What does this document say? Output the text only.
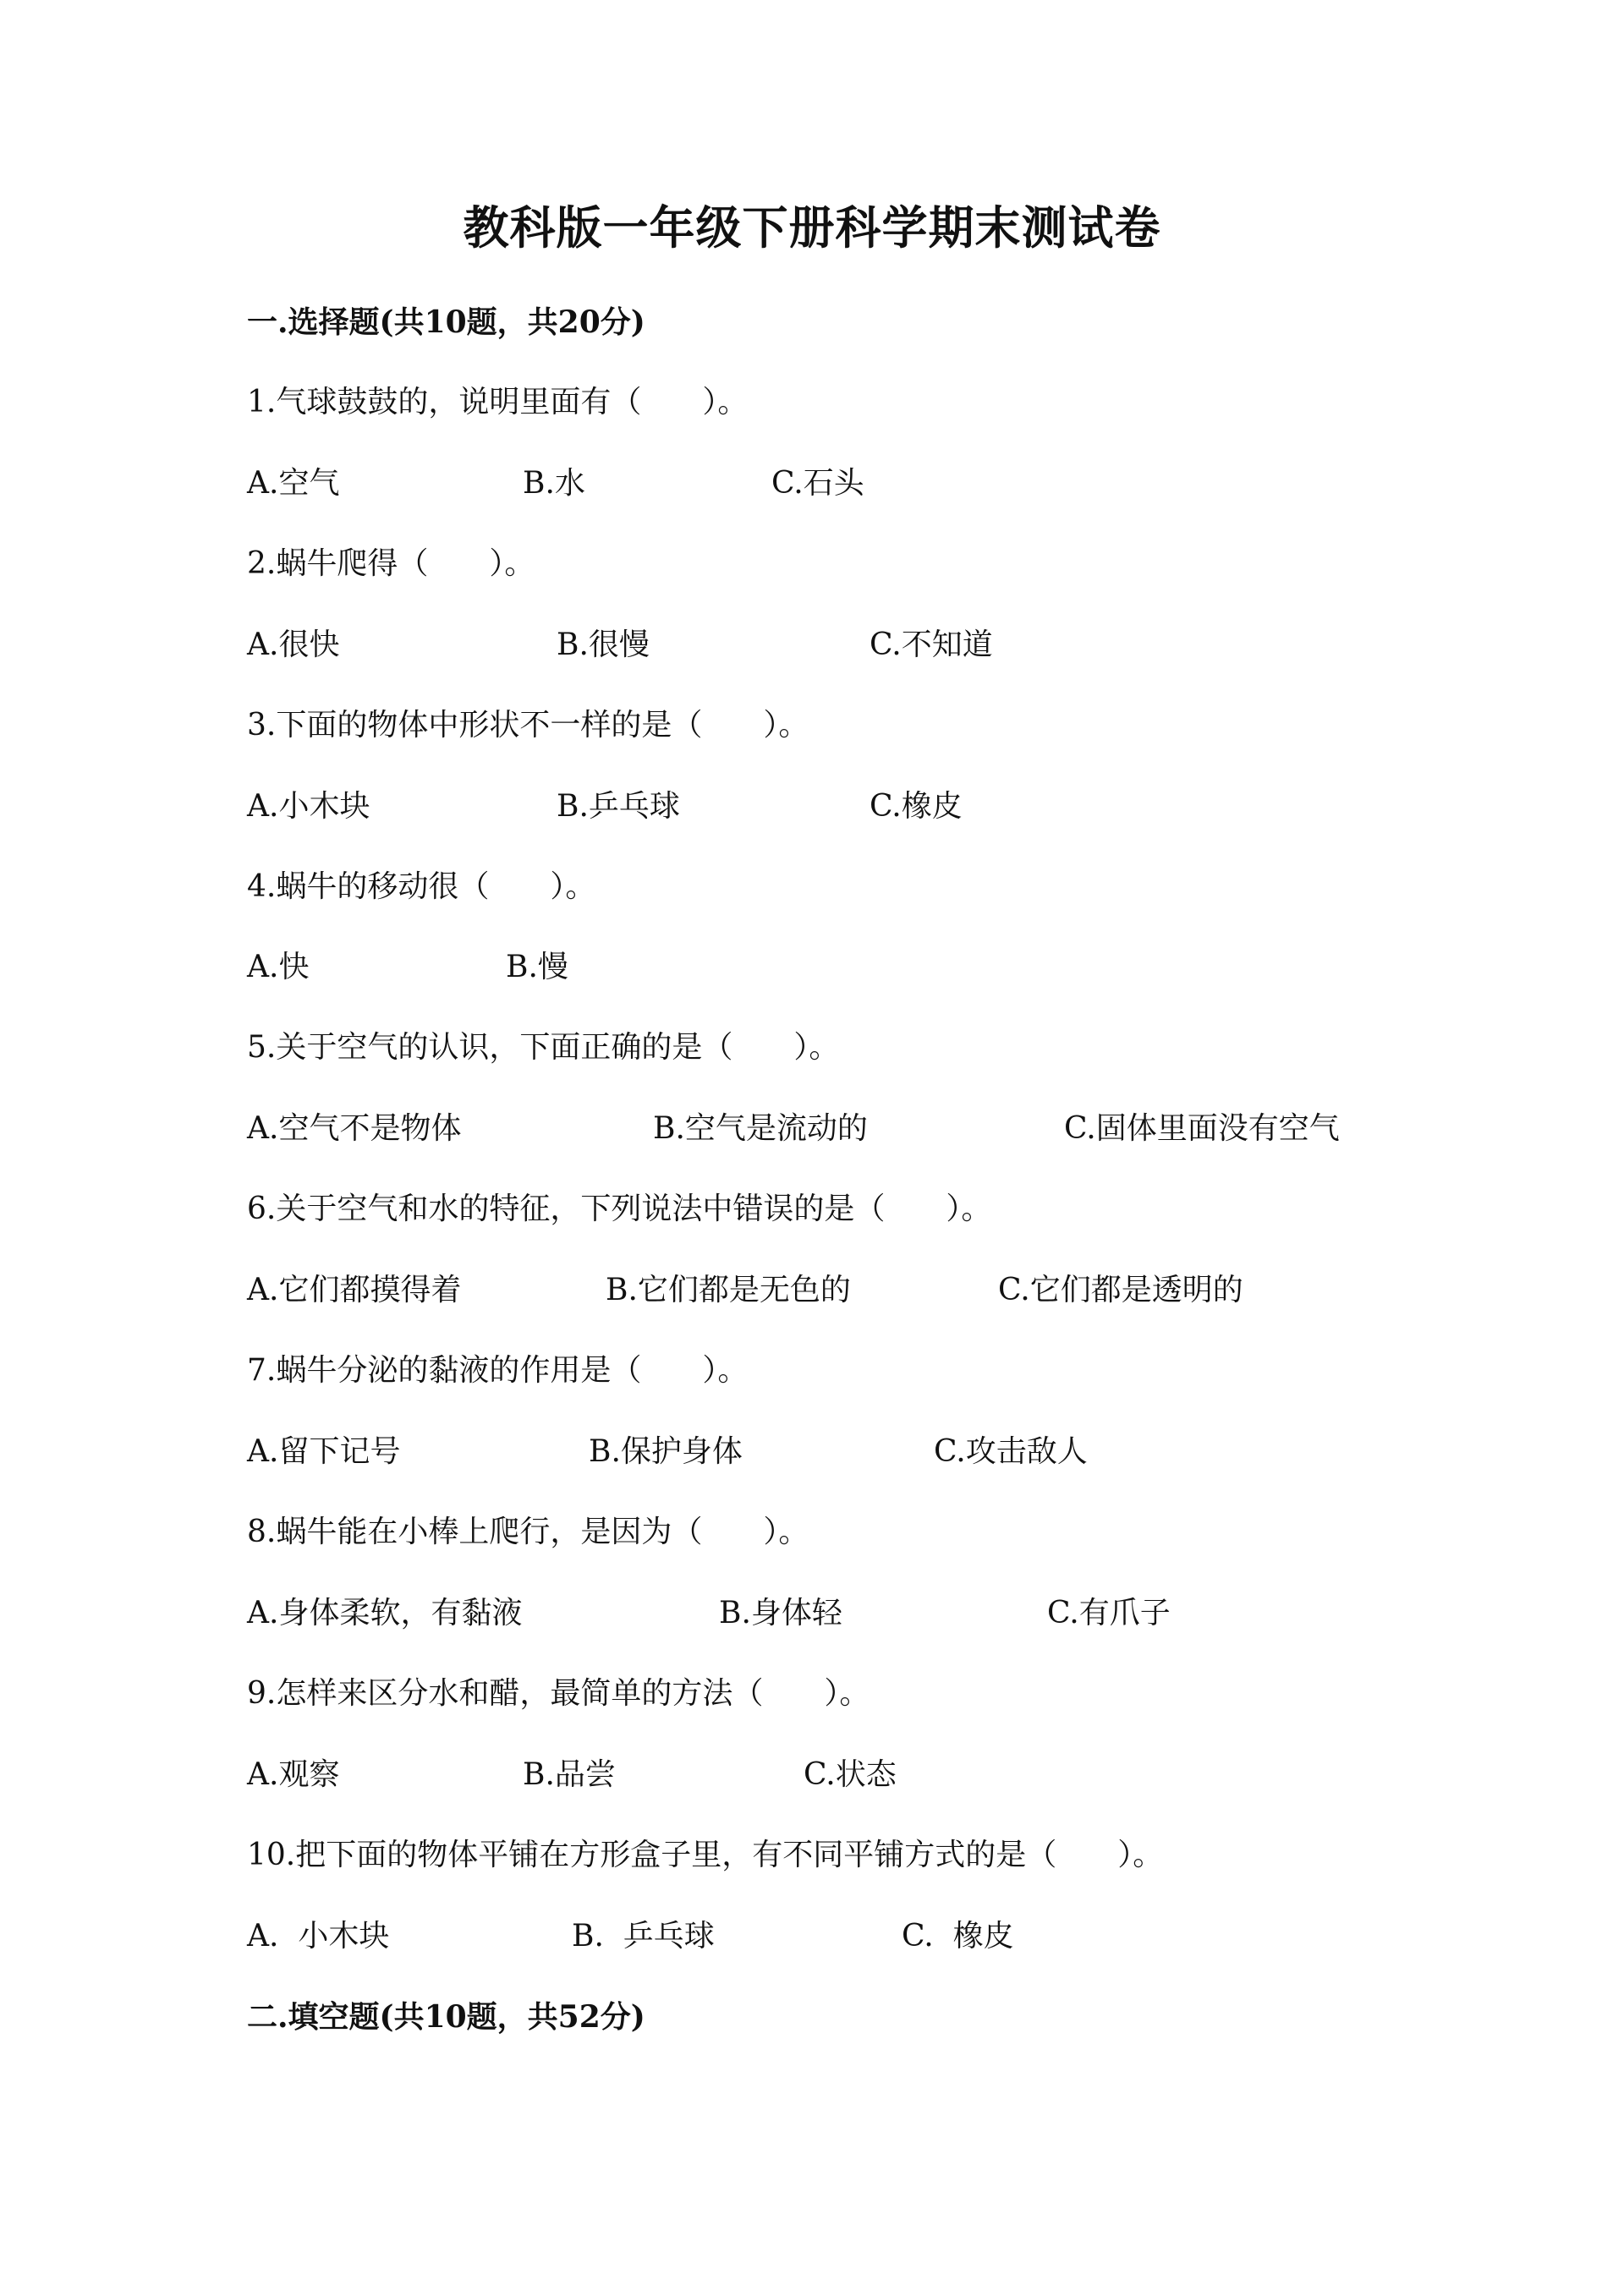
教科版一年级下册科学期末测试卷
一.选择题(共10题，共20分)
1.气球鼓鼓的，说明里面有（　　）。
A.空气	B.水	C.石头
2.蜗牛爬得（　　）。
A.很快	B.很慢	C.不知道
3.下面的物体中形状不一样的是（　　）。
A.小木块	B.乒乓球	C.橡皮
4.蜗牛的移动很（　　）。
A.快	B.慢
5.关于空气的认识，下面正确的是（　　）。
A.空气不是物体	B.空气是流动的	C.固体里面没有空气
6.关于空气和水的特征，下列说法中错误的是（　　）。
A.它们都摸得着	B.它们都是无色的	C.它们都是透明的
7.蜗牛分泌的黏液的作用是（　　）。
A.留下记号	B.保护身体	C.攻击敌人
8.蜗牛能在小棒上爬行，是因为（　　）。
A.身体柔软，有黏液	B.身体轻	C.有爪子
9.怎样来区分水和醋，最简单的方法（　　）。
A.观察	B.品尝	C.状态
10.把下面的物体平铺在方形盒子里，有不同平铺方式的是（　　）。
A.  小木块	B.  乒乓球	C.  橡皮
二.填空题(共10题，共52分)
